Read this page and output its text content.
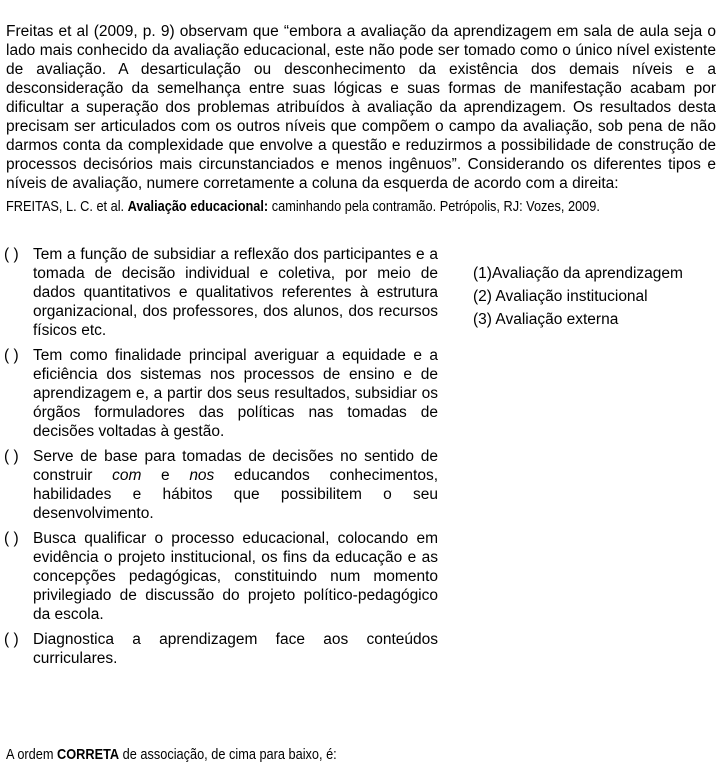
Freitas et al (2009, p. 9) observam que “embora a avaliação da aprendizagem em sala de aula seja o lado mais conhecido da avaliação educacional, este não pode ser tomado como o único nível existente de avaliação. A desarticulação ou desconhecimento da existência dos demais níveis e a desconsideração da semelhança entre suas lógicas e suas formas de manifestação acabam por dificultar a superação dos problemas atribuídos à avaliação da aprendizagem. Os resultados desta precisam ser articulados com os outros níveis que compõem o campo da avaliação, sob pena de não darmos conta da complexidade que envolve a questão e reduzirmos a possibilidade de construção de processos decisórios mais circunstanciados e menos ingênuos”. Considerando os diferentes tipos e níveis de avaliação, numere corretamente a coluna da esquerda de acordo com a direita:

FREITAS, L. C. et al. Avaliação educacional: caminhando pela contramão. Petrópolis, RJ: Vozes, 2009.
( ) Tem a função de subsidiar a reflexão dos participantes e a tomada de decisão individual e coletiva, por meio de dados quantitativos e qualitativos referentes à estrutura organizacional, dos professores, dos alunos, dos recursos físicos etc.
( ) Tem como finalidade principal averiguar a equidade e a eficiência dos sistemas nos processos de ensino e de aprendizagem e, a partir dos seus resultados, subsidiar os órgãos formuladores das políticas nas tomadas de decisões voltadas à gestão.
( ) Serve de base para tomadas de decisões no sentido de construir com e nos educandos conhecimentos, habilidades e hábitos que possibilitem o seu desenvolvimento.
( ) Busca qualificar o processo educacional, colocando em evidência o projeto institucional, os fins da educação e as concepções pedagógicas, constituindo num momento privilegiado de discussão do projeto político-pedagógico da escola.
( ) Diagnostica a aprendizagem face aos conteúdos curriculares.
(1)Avaliação da aprendizagem
(2) Avaliação institucional
(3) Avaliação externa
A ordem CORRETA de associação, de cima para baixo, é:
